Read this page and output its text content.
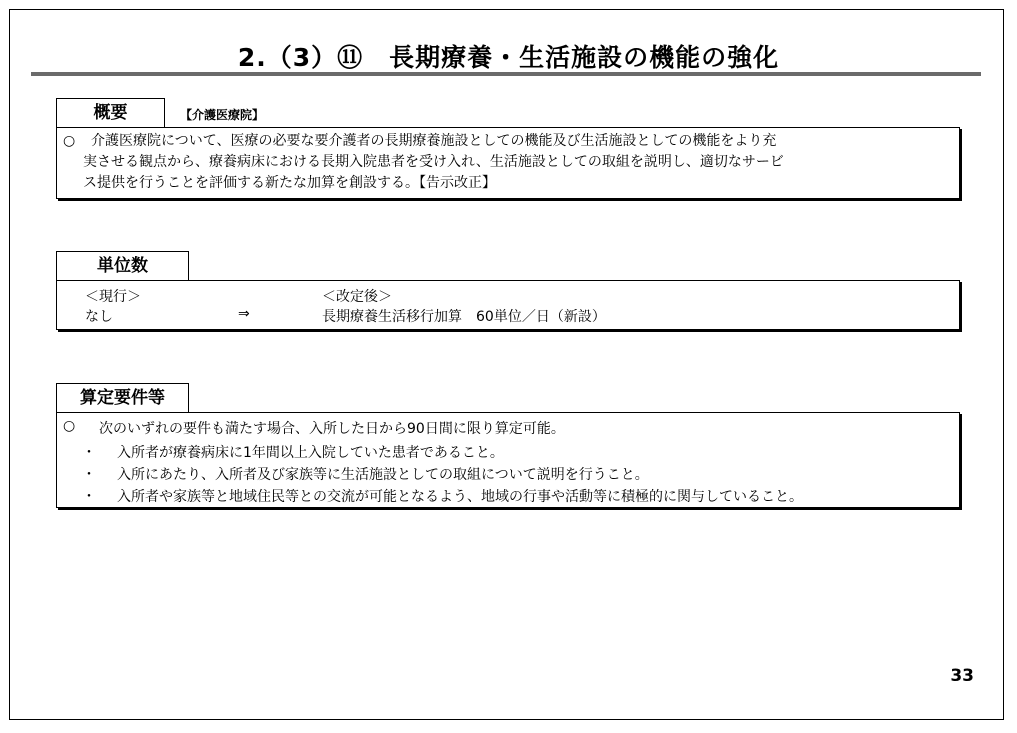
2.（3）⑪　長期療養・生活施設の機能の強化
概要	【介護医療院】
○ 介護医療院について、医療の必要な要介護者の長期療養施設としての機能及び生活施設としての機能をより充
実させる観点から、療養病床における長期入院患者を受け入れ、生活施設としての取組を説明し、適切なサービ
ス提供を行うことを評価する新たな加算を創設する。【告示改正】
単位数
＜現行＞
なし	⇒
＜改定後＞
長期療養生活移行加算　60単位／日（新設）
算定要件等
○ 次のいずれの要件も満たす場合、入所した日から90日間に限り算定可能。
・ 入所者が療養病床に1年間以上入院していた患者であること。
・ 入所にあたり、入所者及び家族等に生活施設としての取組について説明を行うこと。
・ 入所者や家族等と地域住民等との交流が可能となるよう、地域の行事や活動等に積極的に関与していること。
33
